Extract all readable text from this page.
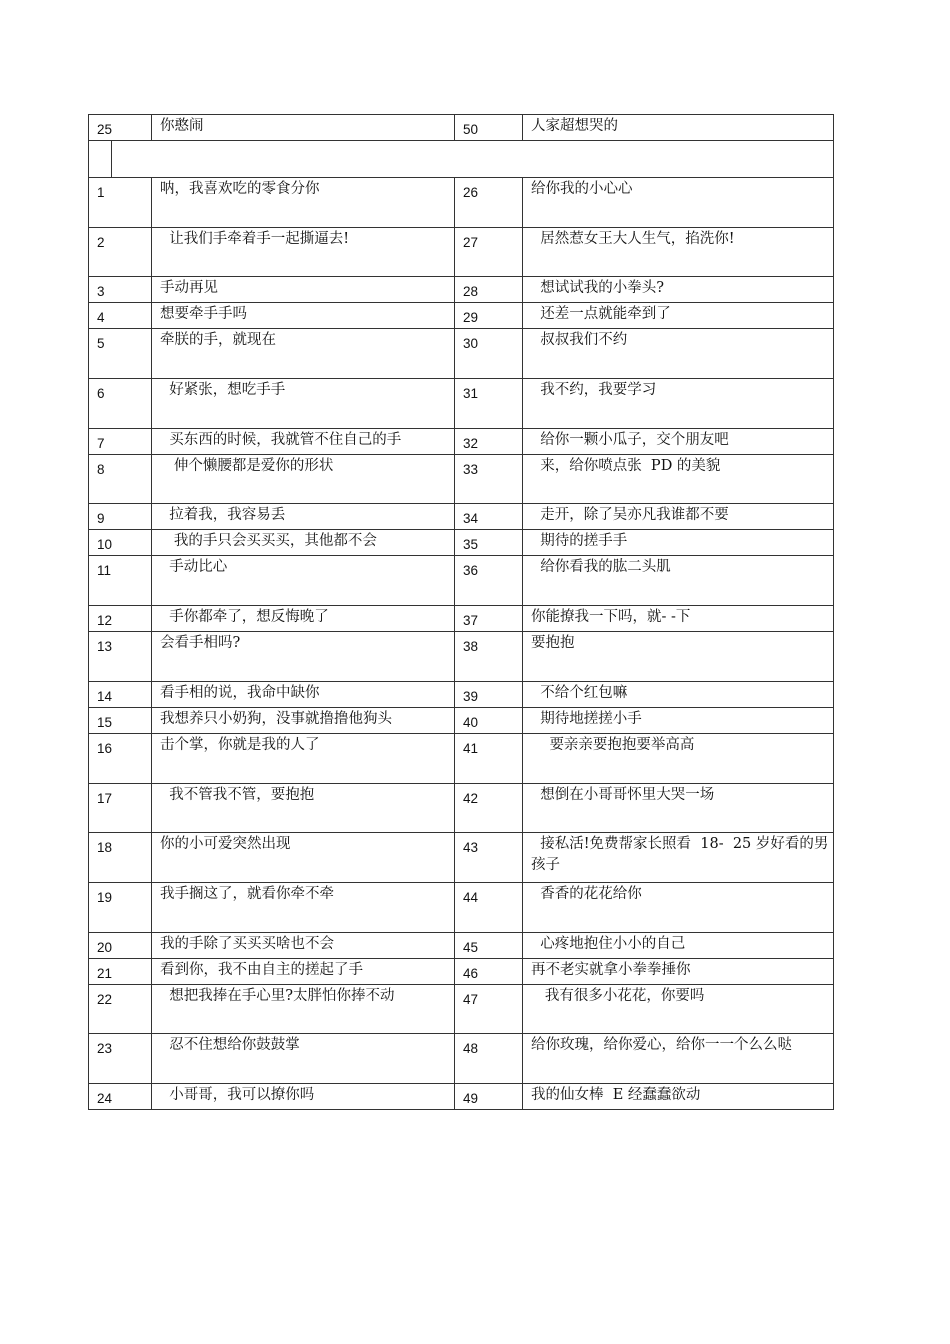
25	你憨闹	50	人家超想哭的

1	呐，我喜欢吃的零食分你	26	给你我的小心心
2	让我们手牵着手一起撕逼去!	27	居然惹女王大人生气，掐洗你!
3	手动再见	28	想试试我的小拳头?
4	想要牵手手吗	29	还差一点就能牵到了
5	牵朕的手，就现在	30	叔叔我们不约
6	好紧张，想吃手手	31	我不约，我要学习
7	买东西的时候，我就管不住自己的手	32	给你一颗小瓜子，交个朋友吧
8	伸个懒腰都是爱你的形状	33	来，给你喷点张  PD 的美貌
9	拉着我，我容易丢	34	走开，除了吴亦凡我谁都不要
10	我的手只会买买买，其他都不会	35	期待的搓手手
11	手动比心	36	给你看我的肱二头肌
12	手你都牵了，想反悔晚了	37	你能撩我一下吗，就- -下
13	会看手相吗?	38	要抱抱
14	看手相的说，我命中缺你	39	不给个红包嘛
15	我想养只小奶狗，没事就撸撸他狗头	40	期待地搓搓小手
16	击个掌，你就是我的人了	41	要亲亲要抱抱要举高高
17	我不管我不管，要抱抱	42	想倒在小哥哥怀里大哭一场
18	你的小可爱突然出现	43	接私活!免费帮家长照看  18-  25 岁好看的男孩子
19	我手搁这了，就看你牵不牵	44	香香的花花给你
20	我的手除了买买买啥也不会	45	心疼地抱住小小的自己
21	看到你，我不由自主的搓起了手	46	再不老实就拿小拳拳捶你
22	想把我捧在手心里?太胖怕你捧不动	47	我有很多小花花，你要吗
23	忍不住想给你鼓鼓掌	48	给你玫瑰，给你爱心，给你一一个么么哒
24	小哥哥，我可以撩你吗	49	我的仙女棒  E 经蠢蠢欲动
